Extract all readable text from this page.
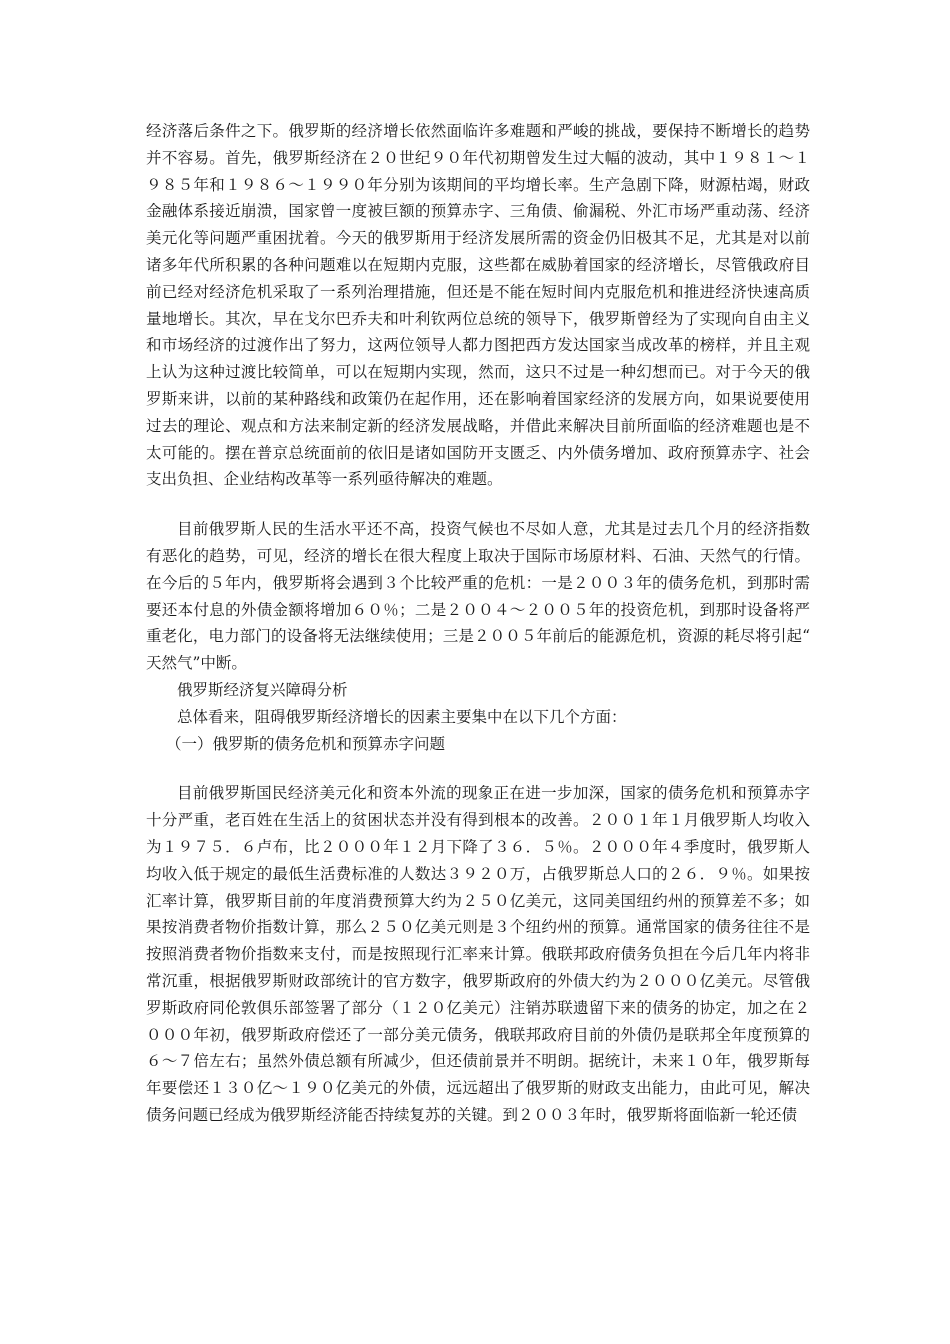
经济落后条件之下。俄罗斯的经济增长依然面临许多难题和严峻的挑战，要保持不断增长的趋势并不容易。首先，俄罗斯经济在２０世纪９０年代初期曾发生过大幅的波动，其中１９８１～１９８５年和１９８６～１９９０年分别为该期间的平均增长率。生产急剧下降，财源枯竭，财政金融体系接近崩溃，国家曾一度被巨额的预算赤字、三角债、偷漏税、外汇市场严重动荡、经济美元化等问题严重困扰着。今天的俄罗斯用于经济发展所需的资金仍旧极其不足，尤其是对以前诸多年代所积累的各种问题难以在短期内克服，这些都在威胁着国家的经济增长，尽管俄政府目前已经对经济危机采取了一系列治理措施，但还是不能在短时间内克服危机和推进经济快速高质量地增长。其次，早在戈尔巴乔夫和叶利钦两位总统的领导下，俄罗斯曾经为了实现向自由主义和市场经济的过渡作出了努力，这两位领导人都力图把西方发达国家当成改革的榜样，并且主观上认为这种过渡比较简单，可以在短期内实现，然而，这只不过是一种幻想而已。对于今天的俄罗斯来讲，以前的某种路线和政策仍在起作用，还在影响着国家经济的发展方向，如果说要使用过去的理论、观点和方法来制定新的经济发展战略，并借此来解决目前所面临的经济难题也是不太可能的。摆在普京总统面前的依旧是诸如国防开支匮乏、内外债务增加、政府预算赤字、社会支出负担、企业结构改革等一系列亟待解决的难题。

目前俄罗斯人民的生活水平还不高，投资气候也不尽如人意，尤其是过去几个月的经济指数有恶化的趋势，可见，经济的增长在很大程度上取决于国际市场原材料、石油、天然气的行情。在今后的５年内，俄罗斯将会遇到３个比较严重的危机：一是２００３年的债务危机，到那时需要还本付息的外债金额将增加６０％；二是２００４～２００５年的投资危机，到那时设备将严重老化，电力部门的设备将无法继续使用；三是２００５年前后的能源危机，资源的耗尽将引起“天然气”中断。

俄罗斯经济复兴障碍分析

总体看来，阻碍俄罗斯经济增长的因素主要集中在以下几个方面：

（一）俄罗斯的债务危机和预算赤字问题

目前俄罗斯国民经济美元化和资本外流的现象正在进一步加深，国家的债务危机和预算赤字十分严重，老百姓在生活上的贫困状态并没有得到根本的改善。２００１年１月俄罗斯人均收入为１９７５．６卢布，比２０００年１２月下降了３６．５％。２０００年４季度时，俄罗斯人均收入低于规定的最低生活费标准的人数达３９２０万，占俄罗斯总人口的２６．９％。如果按汇率计算，俄罗斯目前的年度消费预算大约为２５０亿美元，这同美国纽约州的预算差不多；如果按消费者物价指数计算，那么２５０亿美元则是３个纽约州的预算。通常国家的债务往往不是按照消费者物价指数来支付，而是按照现行汇率来计算。俄联邦政府债务负担在今后几年内将非常沉重，根据俄罗斯财政部统计的官方数字，俄罗斯政府的外债大约为２０００亿美元。尽管俄罗斯政府同伦敦俱乐部签署了部分（１２０亿美元）注销苏联遗留下来的债务的协定，加之在２０００年初，俄罗斯政府偿还了一部分美元债务，俄联邦政府目前的外债仍是联邦全年度预算的６～７倍左右；虽然外债总额有所减少，但还债前景并不明朗。据统计，未来１０年，俄罗斯每年要偿还１３０亿～１９０亿美元的外债，远远超出了俄罗斯的财政支出能力，由此可见，解决债务问题已经成为俄罗斯经济能否持续复苏的关键。到２００３年时，俄罗斯将面临新一轮还债
